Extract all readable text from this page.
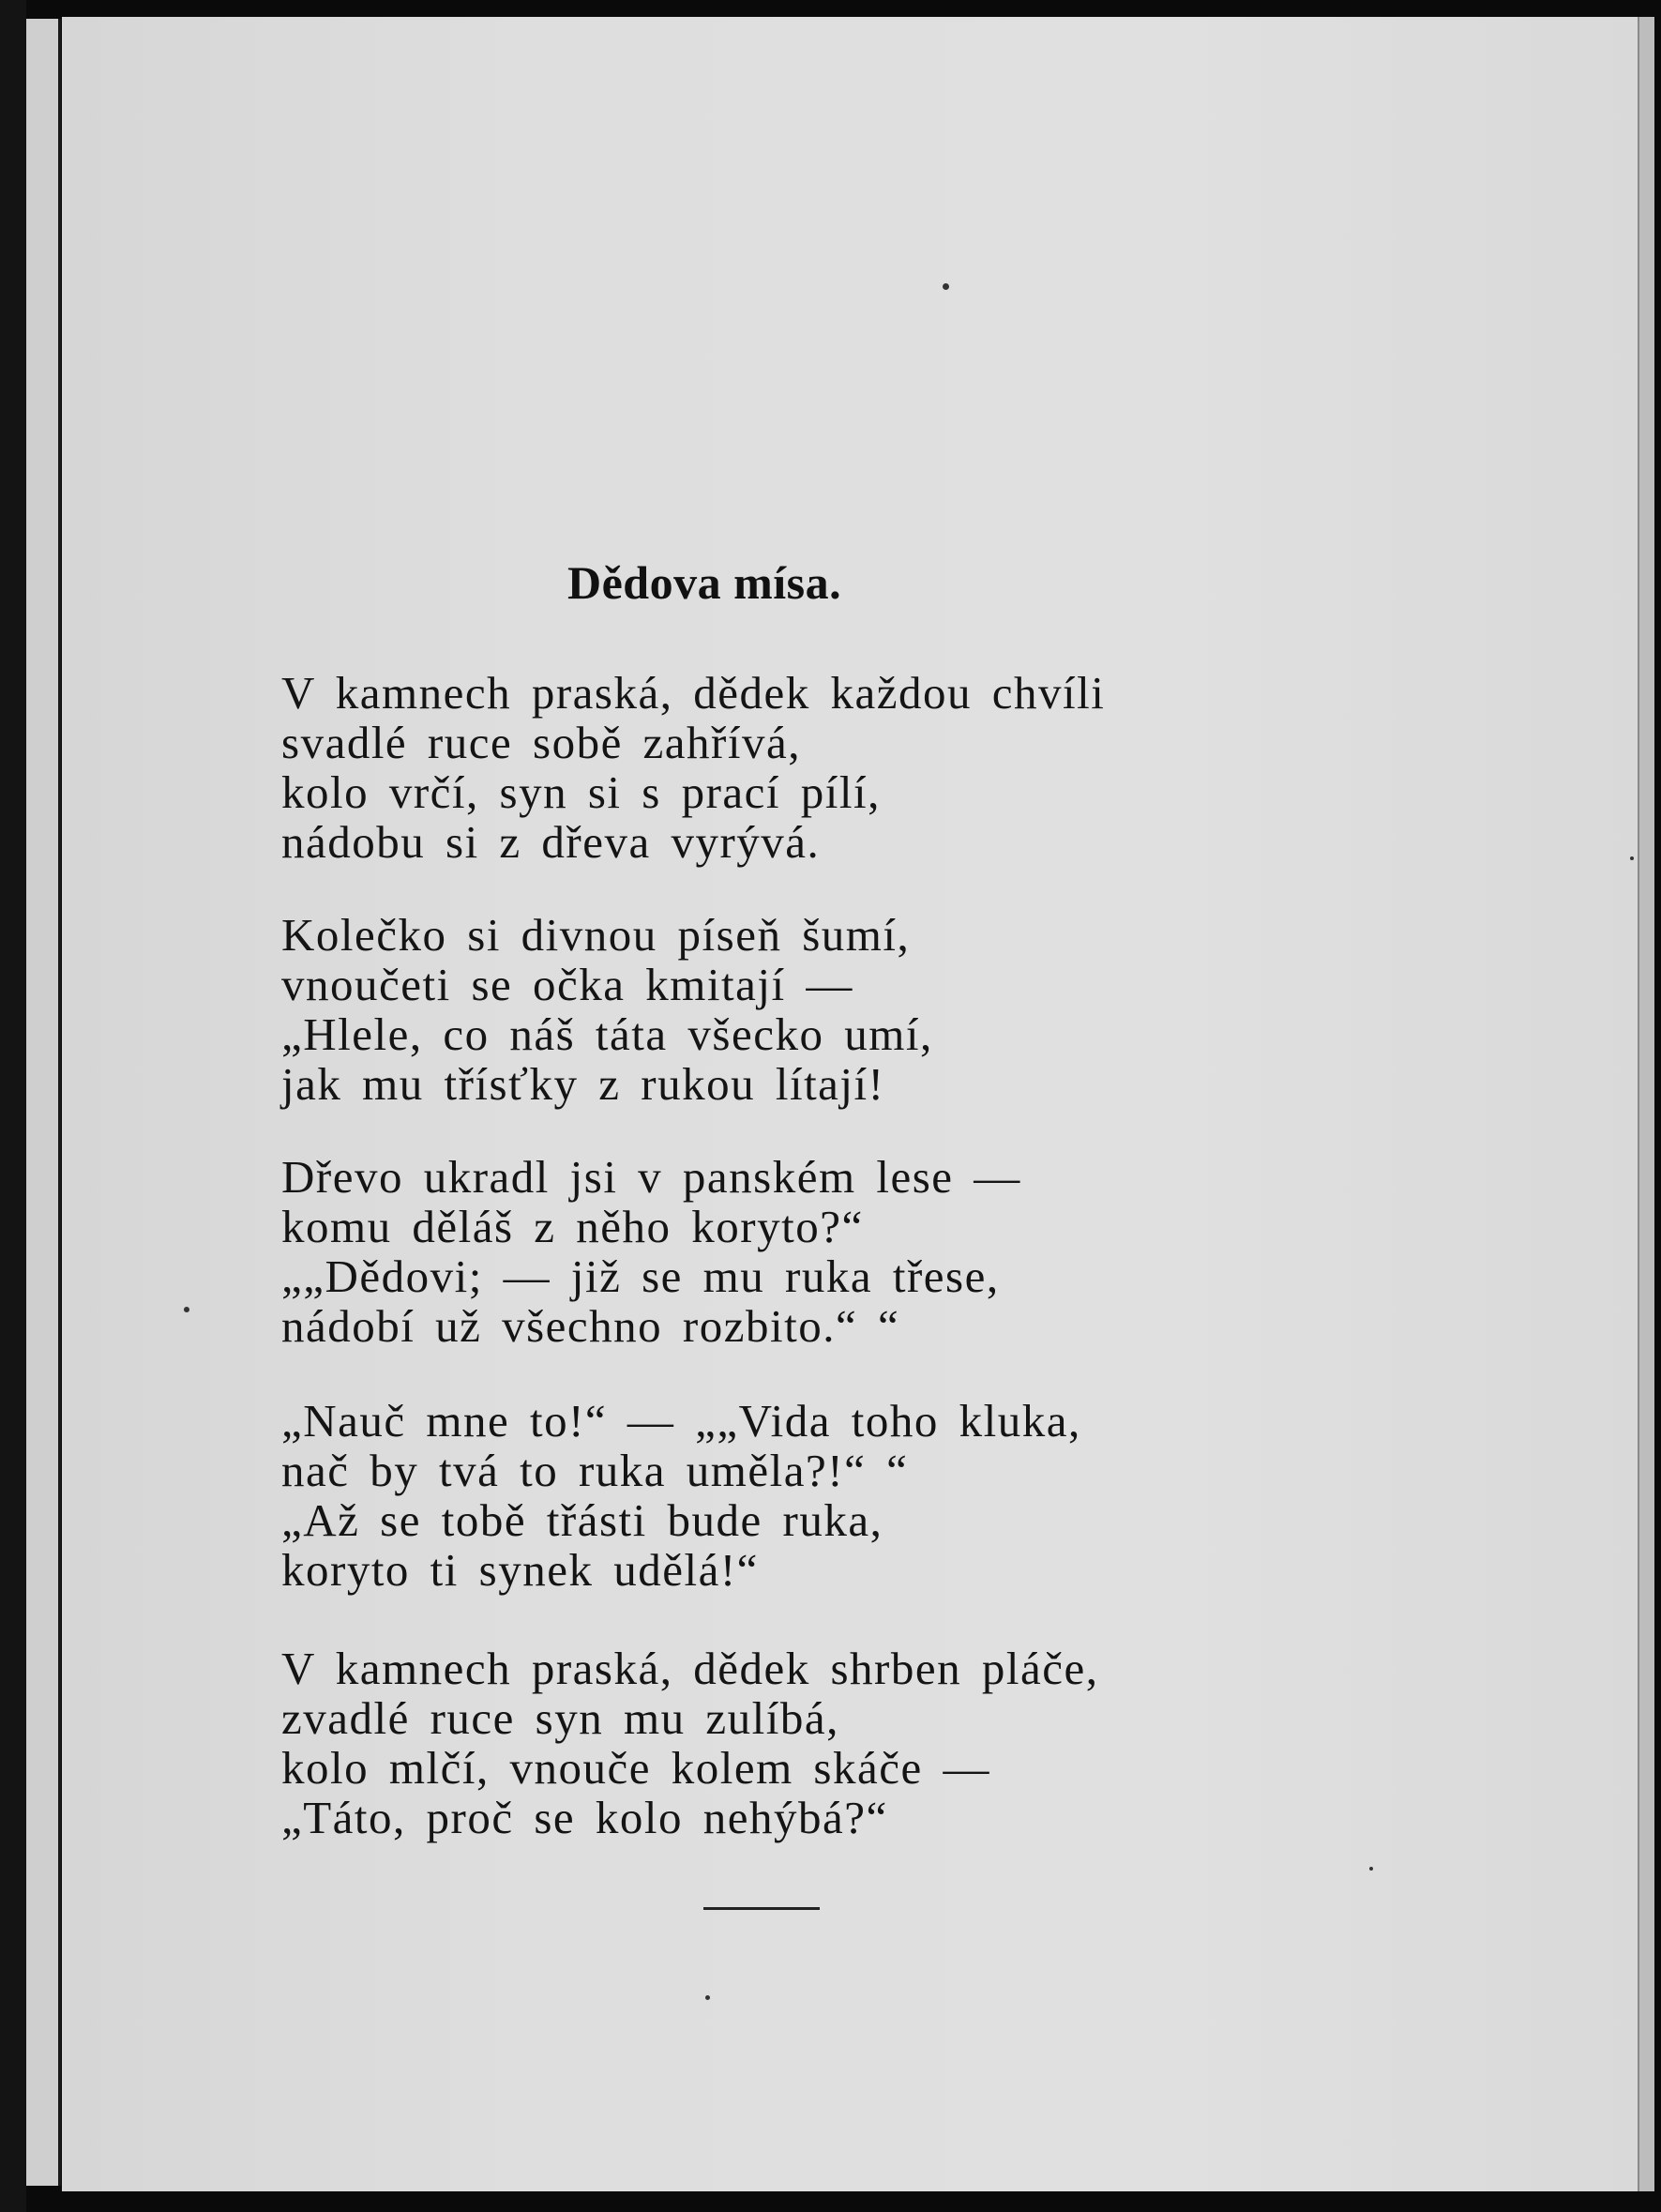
Dědova mísa.
V kamnech praská, dědek každou chvíli
svadlé ruce sobě zahřívá,
kolo vrčí, syn si s prací pílí,
nádobu si z dřeva vyrývá.
Kolečko si divnou píseň šumí,
vnoučeti se očka kmitají —
„Hlele, co náš táta všecko umí,
jak mu třísťky z rukou lítají!
Dřevo ukradl jsi v panském lese —
komu děláš z něho koryto?“
„„Dědovi; — již se mu ruka třese,
nádobí už všechno rozbito.“ “
„Nauč mne to!“ — „„Vida toho kluka,
nač by tvá to ruka uměla?!“ “
„Až se tobě třásti bude ruka,
koryto ti synek udělá!“
V kamnech praská, dědek shrben pláče,
zvadlé ruce syn mu zulíbá,
kolo mlčí, vnouče kolem skáče —
„Táto, proč se kolo nehýbá?“
